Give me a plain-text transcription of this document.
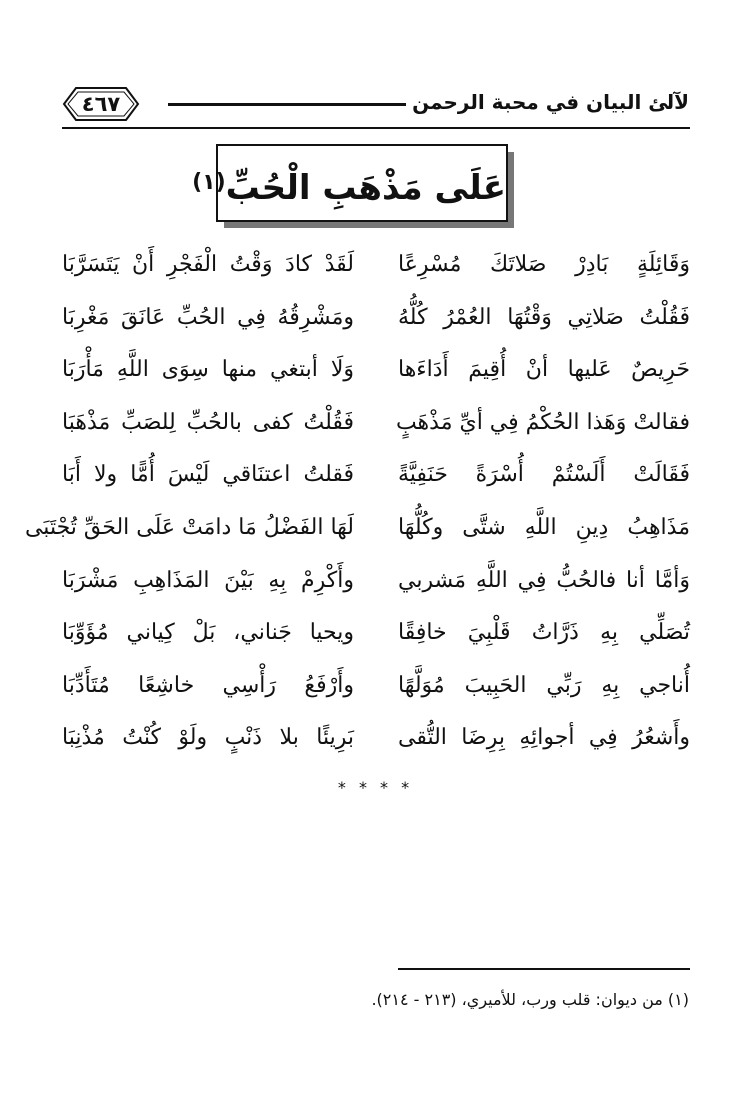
لآلئ البيان في محبة الرحمن
٤٦٧
عَلَى مَذْهَبِ الْحُبِّ$^{(١)}$
وَقَائِلَةٍ بَادِرْ صَلاتَكَ مُسْرِعًا
لَقَدْ كادَ وَقْتُ الْفَجْرِ أَنْ يَتَسَرَّبَا
فَقُلْتُ صَلاتِي وَقْتُهَا العُمْرُ كُلُّهُ
ومَشْرِقُهُ فِي الحُبِّ عَانَقَ مَغْرِبَا
حَرِيصٌ عَليها أنْ أُقِيمَ أَدَاءَها
وَلَا أبتغي منها سِوَى اللَّهِ مَأْرَبَا
فقالتْ وَهَذا الحُكْمُ فِي أيِّ مَذْهَبٍ
فَقُلْتُ كفى بالحُبِّ لِلصَبِّ مَذْهَبَا
فَقَالَتْ أَلَسْتُمْ أُسْرَةً حَنَفِيَّةً
فَقلتُ اعتنَاقي لَيْسَ أُمًّا ولا أَبَا
مَذَاهِبُ دِينِ اللَّهِ شتَّى وكُلُّهَا
لَهَا الفَضْلُ مَا دامَتْ عَلَى الحَقِّ تُجْتَبَى
وَأمَّا أنا فالحُبُّ فِي اللَّهِ مَشربي
وأَكْرِمْ بِهِ بَيْنَ المَذَاهِبِ مَشْرَبَا
تُصَلِّي بِهِ ذَرَّاتُ قَلْبِيَ خافِقًا
ويحيا جَناني، بَلْ كِياني مُؤَوِّبَا
أُناجي بِهِ رَبِّي الحَبِيبَ مُوَلَّهًا
وأَرْفَعُ رَأْسِي خاشِعًا مُتَأَدِّبَا
وأَشعُرُ فِي أجوائِهِ بِرِضَا التُّقى
بَرِيئًا بلا ذَنْبٍ ولَوْ كُنْتُ مُذْنِبَا
* * * *
(١) من ديوان: قلب ورب، للأميري، (٢١٣ - ٢١٤).
